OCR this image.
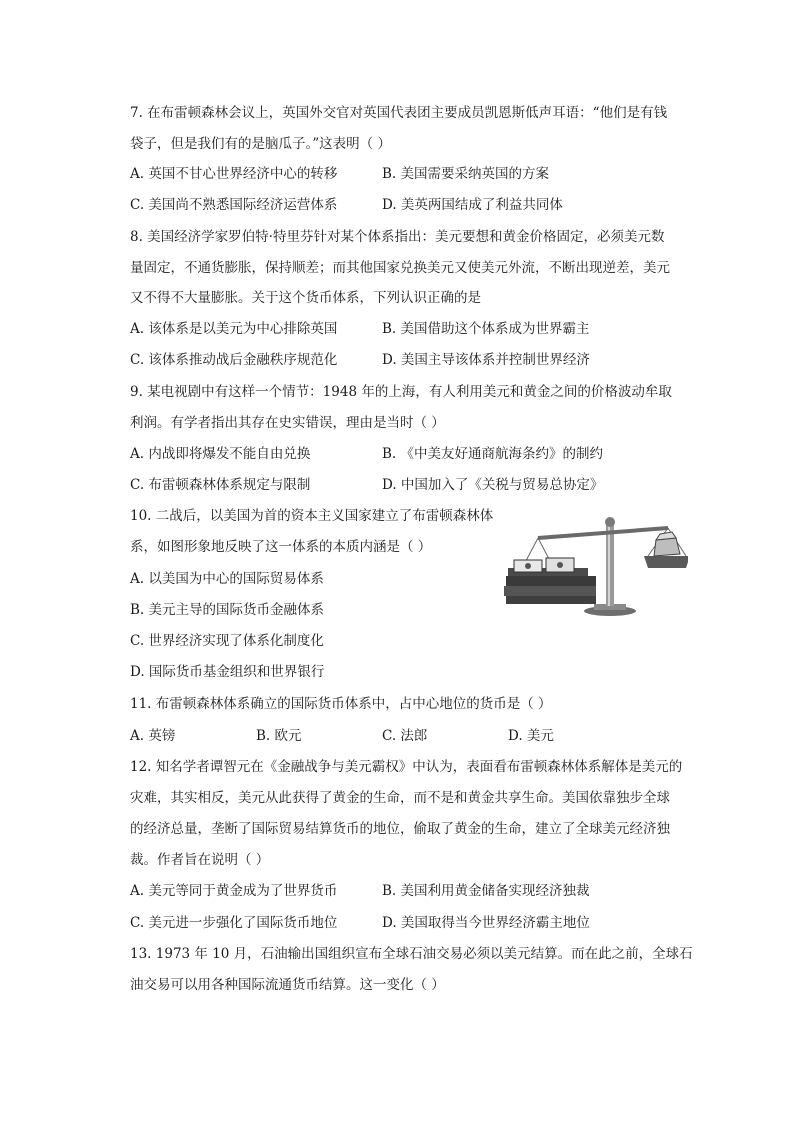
7. 在布雷顿森林会议上，英国外交官对英国代表团主要成员凯恩斯低声耳语：“他们是有钱
袋子，但是我们有的是脑瓜子。”这表明（ ）
A. 英国不甘心世界经济中心的转移	B. 美国需要采纳英国的方案
C. 美国尚不熟悉国际经济运营体系	D. 美英两国结成了利益共同体
8. 美国经济学家罗伯特·特里芬针对某个体系指出：美元要想和黄金价格固定，必须美元数
量固定，不通货膨胀，保持顺差；而其他国家兑换美元又使美元外流，不断出现逆差，美元
又不得不大量膨胀。关于这个货币体系，下列认识正确的是
A. 该体系是以美元为中心排除英国	B. 美国借助这个体系成为世界霸主
C. 该体系推动战后金融秩序规范化	D. 美国主导该体系并控制世界经济
9. 某电视剧中有这样一个情节：1948 年的上海，有人利用美元和黄金之间的价格波动牟取
利润。有学者指出其存在史实错误，理由是当时（ ）
A. 内战即将爆发不能自由兑换	B. 《中美友好通商航海条约》的制约
C. 布雷顿森林体系规定与限制	D. 中国加入了《关税与贸易总协定》
10. 二战后，以美国为首的资本主义国家建立了布雷顿森林体
系，如图形象地反映了这一体系的本质内涵是（ ）
A. 以美国为中心的国际贸易体系
B. 美元主导的国际货币金融体系
C. 世界经济实现了体系化制度化
D. 国际货币基金组织和世界银行
11. 布雷顿森林体系确立的国际货币体系中，占中心地位的货币是（ ）
A. 英镑	B. 欧元	C. 法郎	D. 美元
12. 知名学者谭智元在《金融战争与美元霸权》中认为，表面看布雷顿森林体系解体是美元的
灾难，其实相反，美元从此获得了黄金的生命，而不是和黄金共享生命。美国依靠独步全球
的经济总量，垄断了国际贸易结算货币的地位，偷取了黄金的生命，建立了全球美元经济独
裁。作者旨在说明（ ）
A. 美元等同于黄金成为了世界货币	B. 美国利用黄金储备实现经济独裁
C. 美元进一步强化了国际货币地位	D. 美国取得当今世界经济霸主地位
13. 1973 年 10 月，石油输出国组织宣布全球石油交易必须以美元结算。而在此之前，全球石
油交易可以用各种国际流通货币结算。这一变化（ ）
